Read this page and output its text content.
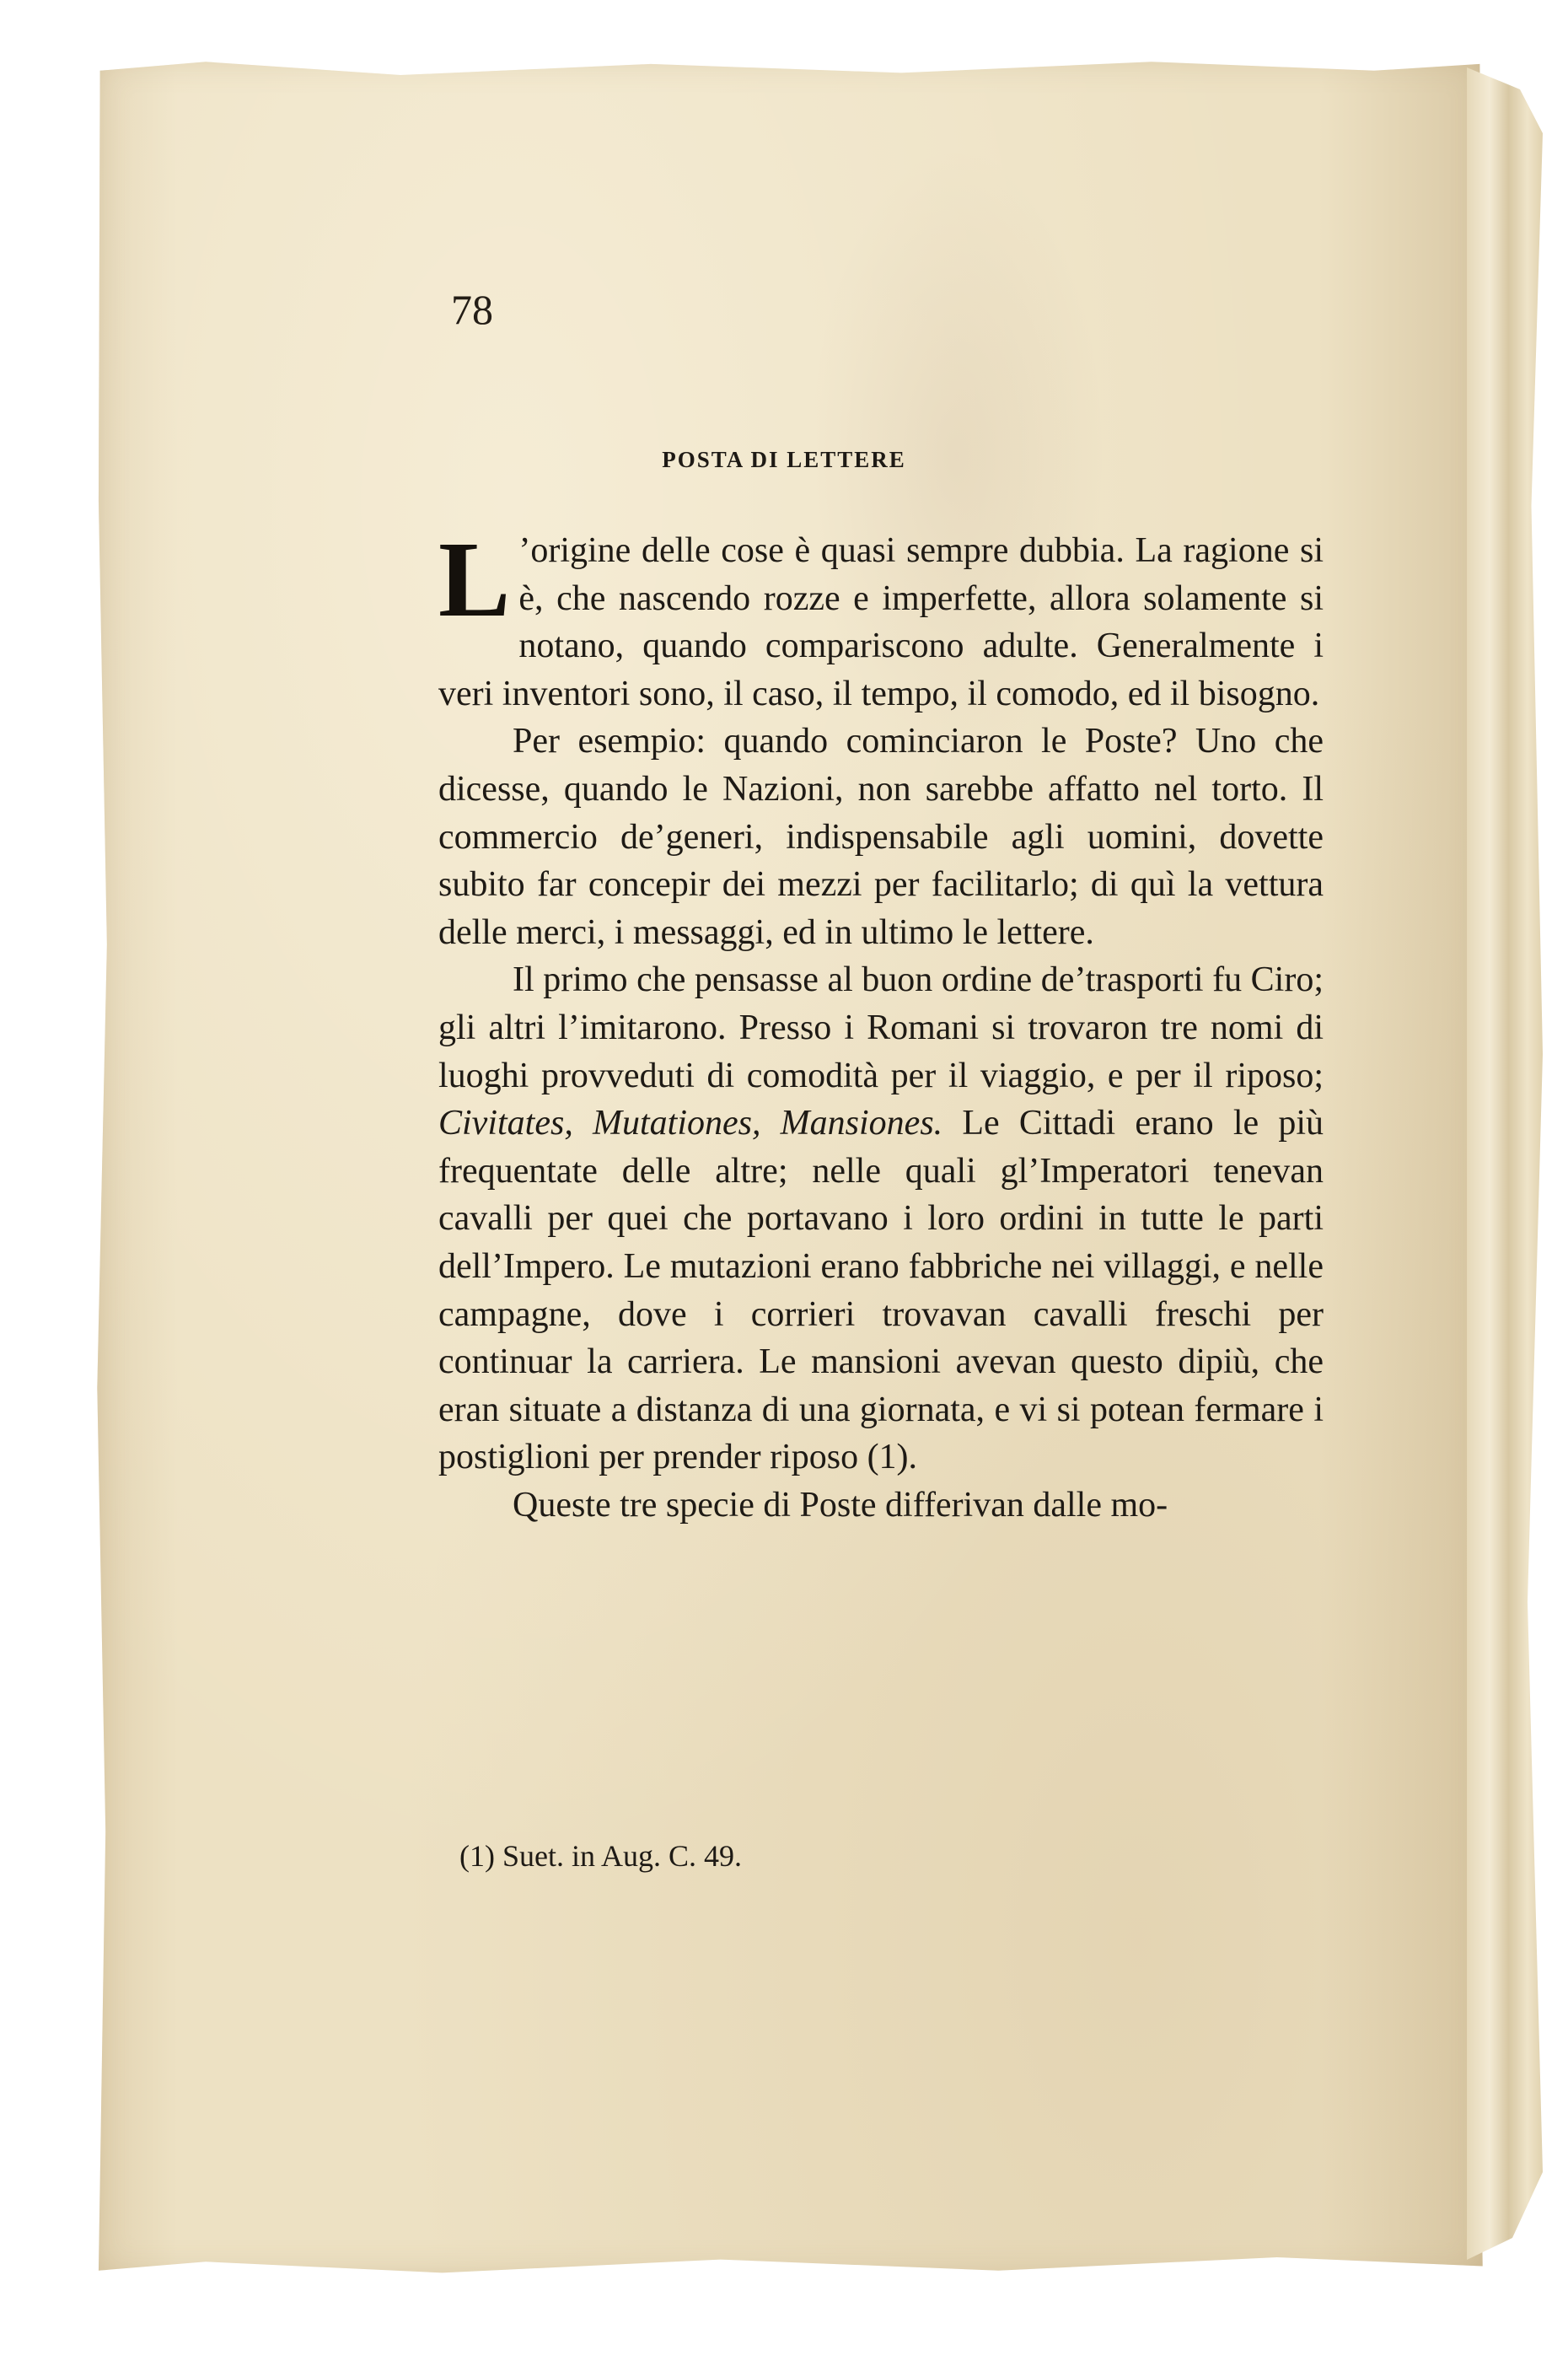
78

POSTA DI LETTERE

L ’origine delle cose è quasi sempre dubbia. La ragione si è, che nascendo rozze e imperfette, allora solamente si notano, quando compariscono adulte. Generalmente i veri inventori sono, il caso, il tempo, il comodo, ed il bisogno.

Per esempio: quando cominciaron le Poste? Uno che dicesse, quando le Nazioni, non sarebbe affatto nel torto. Il commercio de’generi, indispensabile agli uomini, dovette subito far concepir dei mezzi per facilitarlo; di quì la vettura delle merci, i messaggi, ed in ultimo le lettere.

Il primo che pensasse al buon ordine de’trasporti fu Ciro; gli altri l’imitarono. Presso i Romani si trovaron tre nomi di luoghi provveduti di comodità per il viaggio, e per il riposo; Civitates, Mutationes, Mansiones. Le Cittadi erano le più frequentate delle altre; nelle quali gl’Imperatori tenevan cavalli per quei che portavano i loro ordini in tutte le parti dell’Impero. Le mutazioni erano fabbriche nei villaggi, e nelle campagne, dove i corrieri trovavan cavalli freschi per continuar la carriera. Le mansioni avevan questo dipiù, che eran situate a distanza di una giornata, e vi si potean fermare i postiglioni per prender riposo (1).

Queste tre specie di Poste differivan dalle mo-

(1) Suet. in Aug. C. 49.
